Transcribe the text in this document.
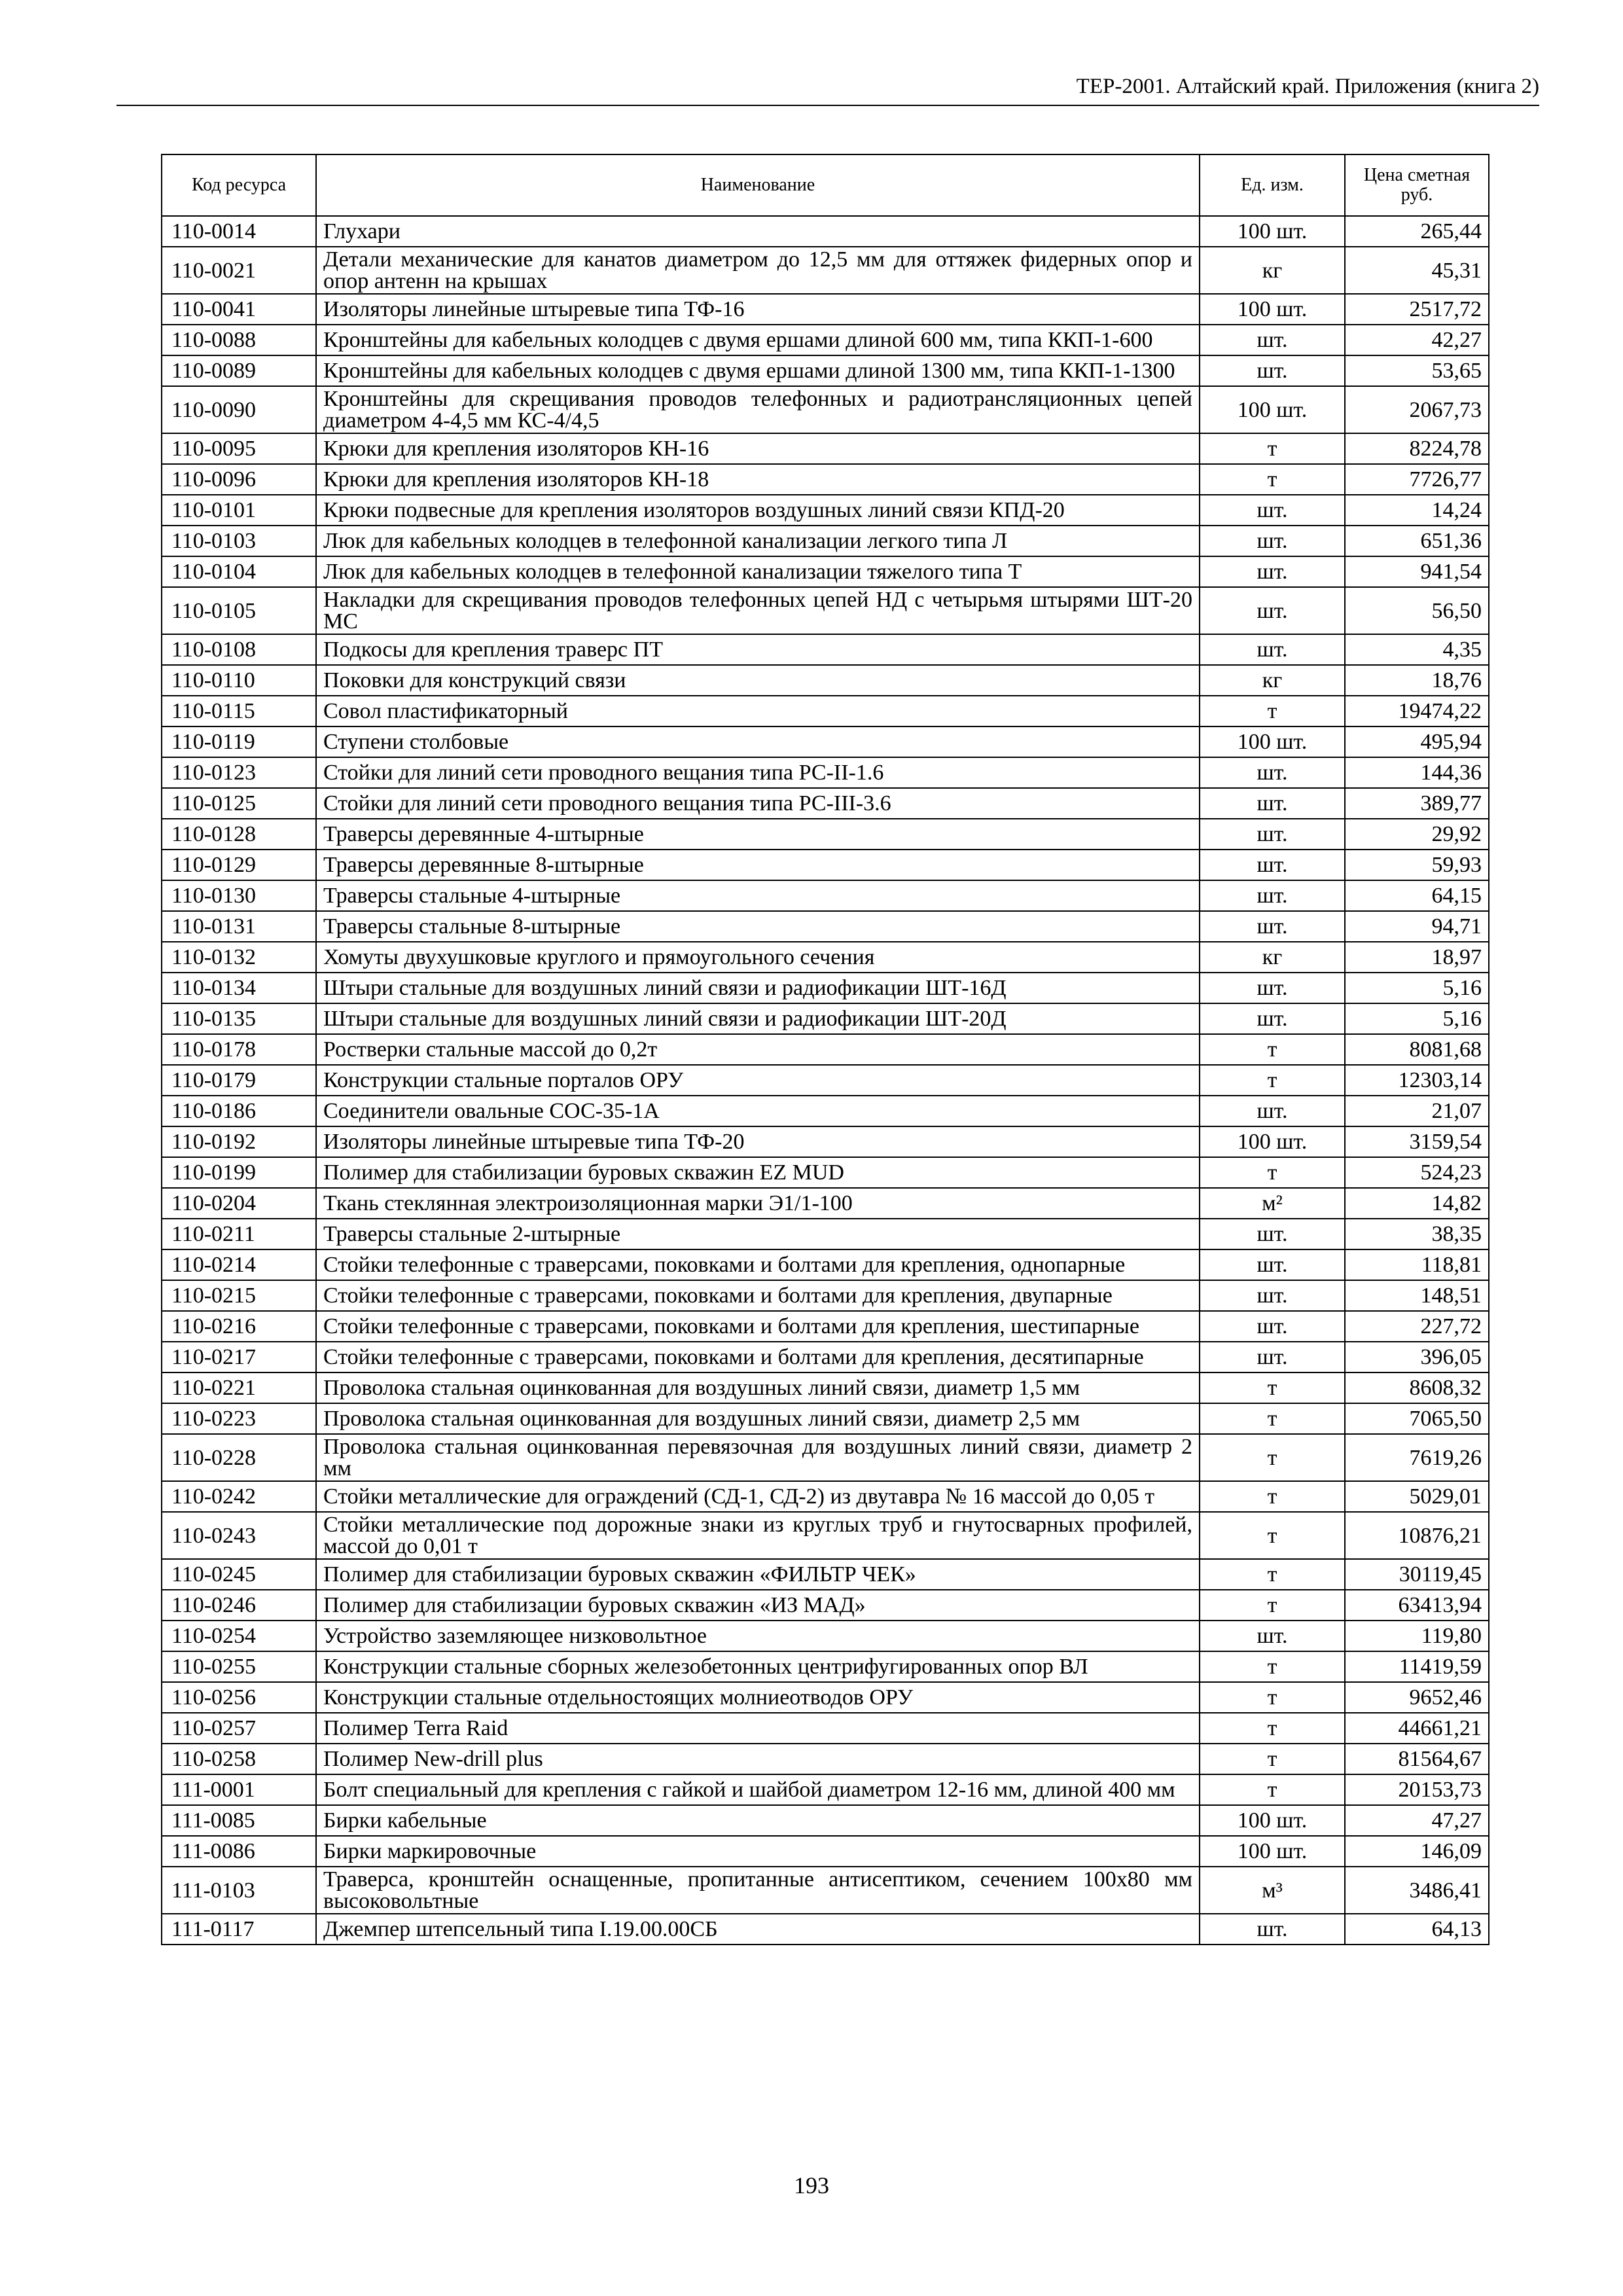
ТЕР-2001. Алтайский край. Приложения (книга 2)
Код ресурса	Наименование	Ед. изм.	Цена сметная руб.
110-0014	Глухари	100 шт.	265,44
110-0021	Детали механические для канатов диаметром до 12,5 мм для оттяжек фидерных опор и опор антенн на крышах	кг	45,31
110-0041	Изоляторы линейные штыревые типа ТФ-16	100 шт.	2517,72
110-0088	Кронштейны для кабельных колодцев с двумя ершами длиной 600 мм, типа ККП-1-600	шт.	42,27
110-0089	Кронштейны для кабельных колодцев с двумя ершами длиной 1300 мм, типа ККП-1-1300	шт.	53,65
110-0090	Кронштейны для скрещивания проводов телефонных и радиотрансляционных цепей диаметром 4-4,5 мм КС-4/4,5	100 шт.	2067,73
110-0095	Крюки для крепления изоляторов КН-16	т	8224,78
110-0096	Крюки для крепления изоляторов КН-18	т	7726,77
110-0101	Крюки подвесные для крепления изоляторов воздушных линий связи КПД-20	шт.	14,24
110-0103	Люк для кабельных колодцев в телефонной канализации легкого типа Л	шт.	651,36
110-0104	Люк для кабельных колодцев в телефонной канализации тяжелого типа Т	шт.	941,54
110-0105	Накладки для скрещивания проводов телефонных цепей НД с четырьмя штырями ШТ-20 МС	шт.	56,50
110-0108	Подкосы для крепления траверс ПТ	шт.	4,35
110-0110	Поковки для конструкций связи	кг	18,76
110-0115	Совол пластификаторный	т	19474,22
110-0119	Ступени столбовые	100 шт.	495,94
110-0123	Стойки для линий сети проводного вещания типа РС-II-1.6	шт.	144,36
110-0125	Стойки для линий сети проводного вещания типа РС-III-3.6	шт.	389,77
110-0128	Траверсы деревянные 4-штырные	шт.	29,92
110-0129	Траверсы деревянные 8-штырные	шт.	59,93
110-0130	Траверсы стальные 4-штырные	шт.	64,15
110-0131	Траверсы стальные 8-штырные	шт.	94,71
110-0132	Хомуты двухушковые круглого и прямоугольного сечения	кг	18,97
110-0134	Штыри стальные для воздушных линий связи и радиофикации ШТ-16Д	шт.	5,16
110-0135	Штыри стальные для воздушных линий связи и радиофикации ШТ-20Д	шт.	5,16
110-0178	Ростверки стальные массой до 0,2т	т	8081,68
110-0179	Конструкции стальные порталов ОРУ	т	12303,14
110-0186	Соединители овальные СОС-35-1А	шт.	21,07
110-0192	Изоляторы линейные штыревые типа ТФ-20	100 шт.	3159,54
110-0199	Полимер для стабилизации буровых скважин EZ MUD	т	524,23
110-0204	Ткань стеклянная электроизоляционная марки Э1/1-100	м²	14,82
110-0211	Траверсы стальные 2-штырные	шт.	38,35
110-0214	Стойки телефонные с траверсами, поковками и болтами для крепления, однопарные	шт.	118,81
110-0215	Стойки телефонные с траверсами, поковками и болтами для крепления, двупарные	шт.	148,51
110-0216	Стойки телефонные с траверсами, поковками и болтами для крепления, шестипарные	шт.	227,72
110-0217	Стойки телефонные с траверсами, поковками и болтами для крепления, десятипарные	шт.	396,05
110-0221	Проволока стальная оцинкованная для воздушных линий связи, диаметр 1,5 мм	т	8608,32
110-0223	Проволока стальная оцинкованная для воздушных линий связи, диаметр 2,5 мм	т	7065,50
110-0228	Проволока стальная оцинкованная перевязочная для воздушных линий связи, диаметр 2 мм	т	7619,26
110-0242	Стойки металлические для ограждений (СД-1, СД-2) из двутавра № 16 массой до 0,05 т	т	5029,01
110-0243	Стойки металлические под дорожные знаки из круглых труб и гнутосварных профилей, массой до 0,01 т	т	10876,21
110-0245	Полимер для стабилизации буровых скважин «ФИЛЬТР ЧЕК»	т	30119,45
110-0246	Полимер для стабилизации буровых скважин «ИЗ МАД»	т	63413,94
110-0254	Устройство заземляющее низковольтное	шт.	119,80
110-0255	Конструкции стальные сборных железобетонных центрифугированных опор ВЛ	т	11419,59
110-0256	Конструкции стальные отдельностоящих молниеотводов ОРУ	т	9652,46
110-0257	Полимер Terra Raid	т	44661,21
110-0258	Полимер New-drill plus	т	81564,67
111-0001	Болт специальный для крепления с гайкой и шайбой диаметром 12-16 мм, длиной 400 мм	т	20153,73
111-0085	Бирки кабельные	100 шт.	47,27
111-0086	Бирки маркировочные	100 шт.	146,09
111-0103	Траверса, кронштейн оснащенные, пропитанные антисептиком, сечением 100х80 мм высоковольтные	м³	3486,41
111-0117	Джемпер штепсельный типа I.19.00.00СБ	шт.	64,13
193
